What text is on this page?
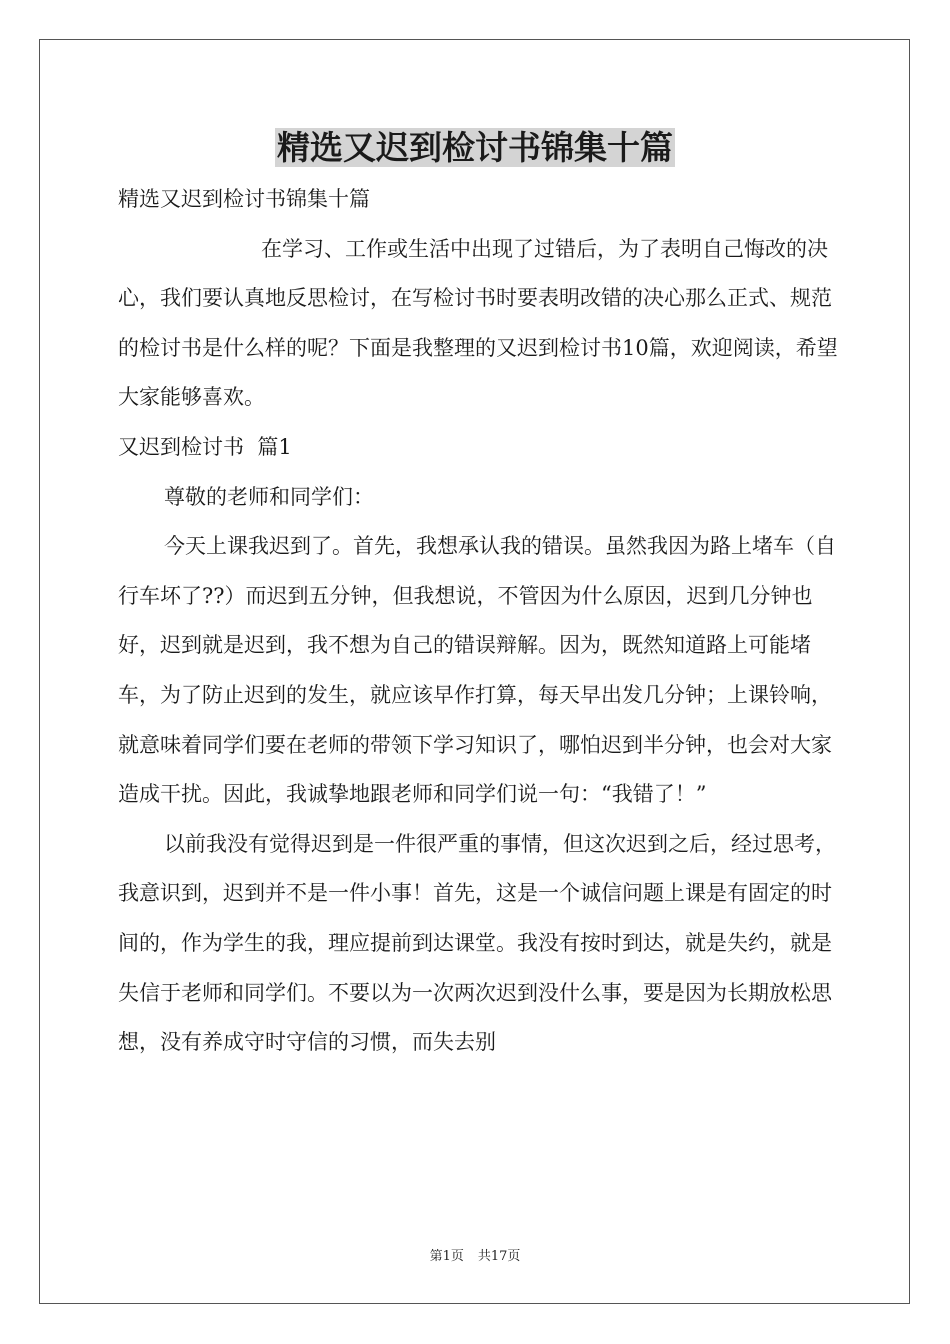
精选又迟到检讨书锦集十篇

精选又迟到检讨书锦集十篇

在学习、工作或生活中出现了过错后，为了表明自己悔改的决心，我们要认真地反思检讨，在写检讨书时要表明改错的决心那么正式、规范的检讨书是什么样的呢？下面是我整理的又迟到检讨书10篇，欢迎阅读，希望大家能够喜欢。

又迟到检讨书  篇1

尊敬的老师和同学们：

今天上课我迟到了。首先，我想承认我的错误。虽然我因为路上堵车（自行车坏了??）而迟到五分钟，但我想说，不管因为什么原因，迟到几分钟也好，迟到就是迟到，我不想为自己的错误辩解。因为，既然知道路上可能堵车，为了防止迟到的发生，就应该早作打算，每天早出发几分钟；上课铃响，就意味着同学们要在老师的带领下学习知识了，哪怕迟到半分钟，也会对大家造成干扰。因此，我诚挚地跟老师和同学们说一句：“我错了！”

以前我没有觉得迟到是一件很严重的事情，但这次迟到之后，经过思考，我意识到，迟到并不是一件小事！首先，这是一个诚信问题上课是有固定的时间的，作为学生的我，理应提前到达课堂。我没有按时到达，就是失约，就是失信于老师和同学们。不要以为一次两次迟到没什么事，要是因为长期放松思想，没有养成守时守信的习惯，而失去别

第1页 共17页
